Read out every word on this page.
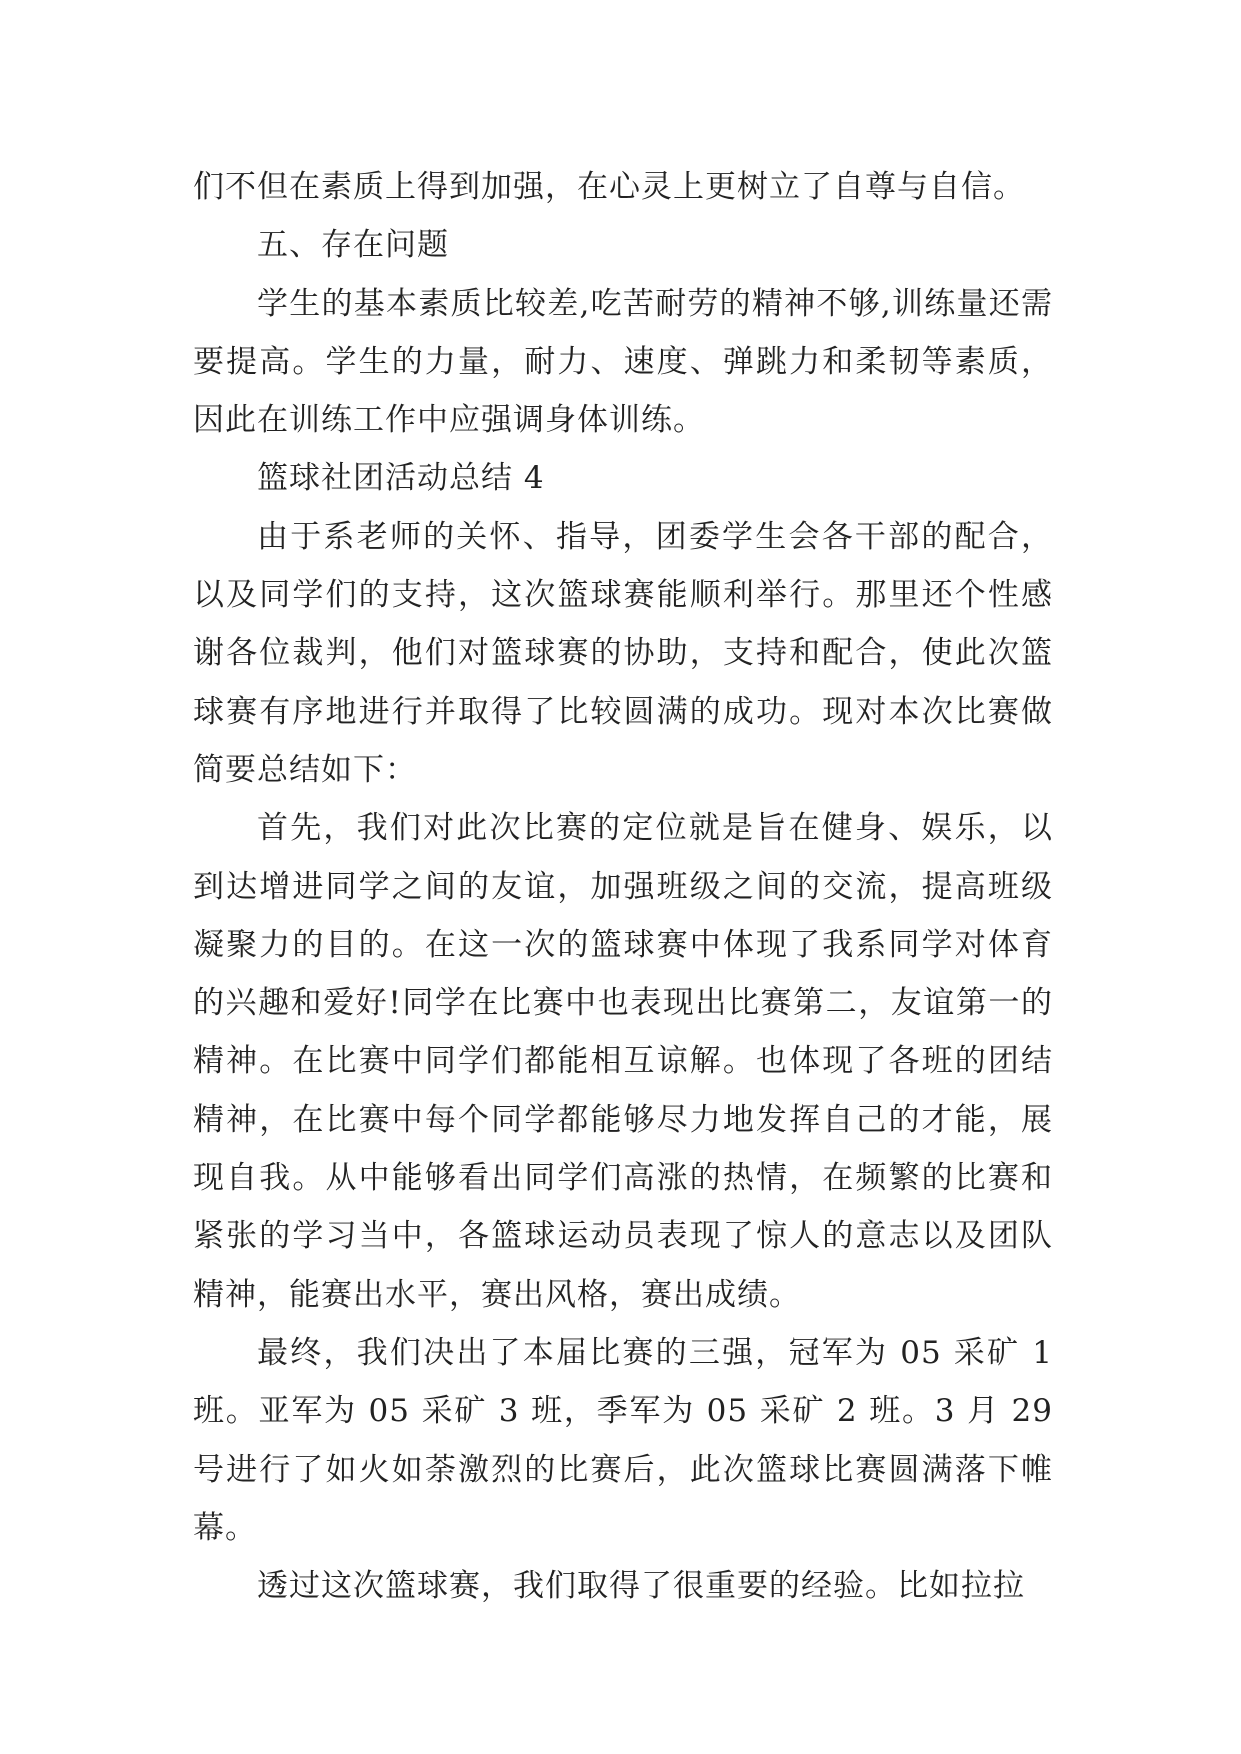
们不但在素质上得到加强，在心灵上更树立了自尊与自信。

五、存在问题

学生的基本素质比较差,吃苦耐劳的精神不够,训练量还需要提高。学生的力量，耐力、速度、弹跳力和柔韧等素质，因此在训练工作中应强调身体训练。

篮球社团活动总结 4

由于系老师的关怀、指导，团委学生会各干部的配合，以及同学们的支持，这次篮球赛能顺利举行。那里还个性感谢各位裁判，他们对篮球赛的协助，支持和配合，使此次篮球赛有序地进行并取得了比较圆满的成功。现对本次比赛做简要总结如下：

首先，我们对此次比赛的定位就是旨在健身、娱乐，以到达增进同学之间的友谊，加强班级之间的交流，提高班级凝聚力的目的。在这一次的篮球赛中体现了我系同学对体育的兴趣和爱好!同学在比赛中也表现出比赛第二，友谊第一的精神。在比赛中同学们都能相互谅解。也体现了各班的团结精神，在比赛中每个同学都能够尽力地发挥自己的才能，展现自我。从中能够看出同学们高涨的热情，在频繁的比赛和紧张的学习当中，各篮球运动员表现了惊人的意志以及团队精神，能赛出水平，赛出风格，赛出成绩。

最终，我们决出了本届比赛的三强，冠军为 05 采矿 1 班。亚军为 05 采矿 3 班，季军为 05 采矿 2 班。3 月 29 号进行了如火如荼激烈的比赛后，此次篮球比赛圆满落下帷幕。

透过这次篮球赛，我们取得了很重要的经验。比如拉拉
